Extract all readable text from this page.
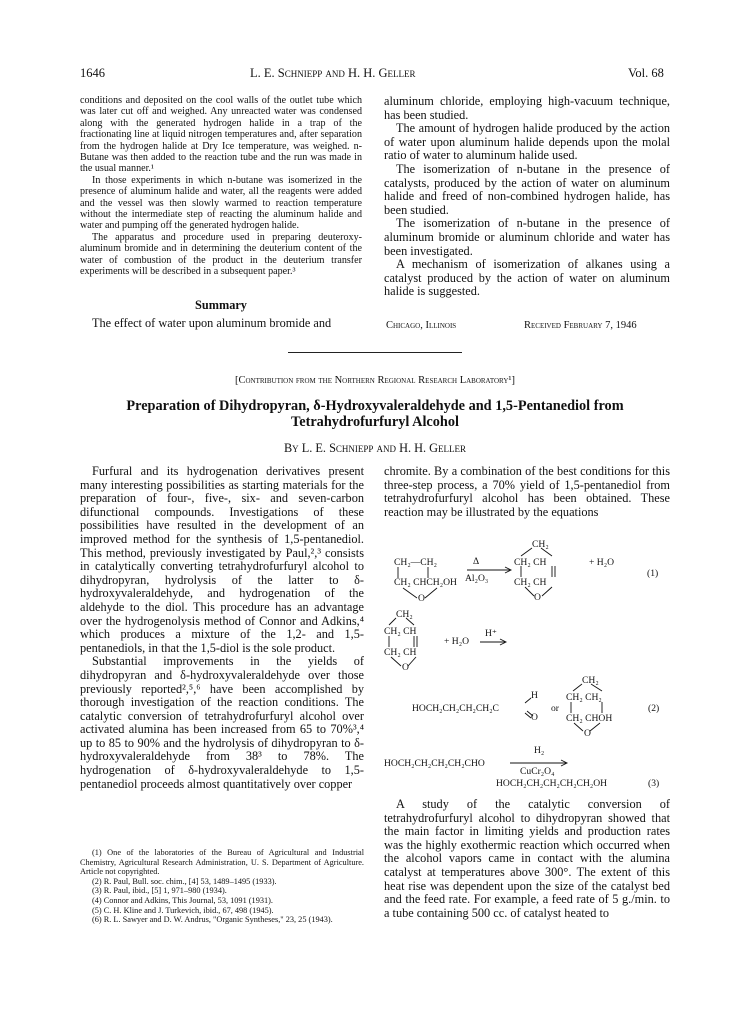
1646	L. E. Schniepp and H. H. Geller	Vol. 68

conditions and deposited on the cool walls of the outlet tube which was later cut off and weighed. Any unreacted water was condensed along with the generated hydrogen halide in a trap of the fractionating line at liquid nitrogen temperatures and, after separation from the hydrogen halide at Dry Ice temperature, was weighed. n-Butane was then added to the reaction tube and the run was made in the usual manner.¹

In those experiments in which n-butane was isomerized in the presence of aluminum halide and water, all the reagents were added and the vessel was then slowly warmed to reaction temperature without the intermediate step of reacting the aluminum halide and water and pumping off the generated hydrogen halide.

The apparatus and procedure used in preparing deuteroxy-aluminum bromide and in determining the deuterium content of the water of combustion of the product in the deuterium transfer experiments will be described in a subsequent paper.³

Summary
The effect of water upon aluminum bromide and

aluminum chloride, employing high-vacuum technique, has been studied.

The amount of hydrogen halide produced by the action of water upon aluminum halide depends upon the molal ratio of water to aluminum halide used.

The isomerization of n-butane in the presence of catalysts, produced by the action of water on aluminum halide and freed of non-combined hydrogen halide, has been studied.

The isomerization of n-butane in the presence of aluminum bromide or aluminum chloride and water has been investigated.

A mechanism of isomerization of alkanes using a catalyst produced by the action of water on aluminum halide is suggested.

Chicago, Illinois	Received February 7, 1946
[Contribution from the Northern Regional Research Laboratory¹]
Preparation of Dihydropyran, δ-Hydroxyvaleraldehyde and 1,5-Pentanediol from Tetrahydrofurfuryl Alcohol
By L. E. Schniepp and H. H. Geller

Furfural and its hydrogenation derivatives present many interesting possibilities as starting materials for the preparation of four-, five-, six- and seven-carbon difunctional compounds. Investigations of these possibilities have resulted in the development of an improved method for the synthesis of 1,5-pentanediol. This method, previously investigated by Paul,²,³ consists in catalytically converting tetrahydrofurfuryl alcohol to dihydropyran, hydrolysis of the latter to δ-hydroxyvaleraldehyde, and hydrogenation of the aldehyde to the diol. This procedure has an advantage over the hydrogenolysis method of Connor and Adkins,⁴ which produces a mixture of the 1,2- and 1,5-pentanediols, in that the 1,5-diol is the sole product.

Substantial improvements in the yields of dihydropyran and δ-hydroxyvaleraldehyde over those previously reported²,⁵,⁶ have been accomplished by thorough investigation of the reaction conditions. The catalytic conversion of tetrahydrofurfuryl alcohol over activated alumina has been increased from 65 to 70%³,⁴ up to 85 to 90% and the hydrolysis of dihydropyran to δ-hydroxyvaleraldehyde from 38³ to 78%. The hydrogenation of δ-hydroxyvaleraldehyde to 1,5-pentanediol proceeds almost quantitatively over copper

(1) One of the laboratories of the Bureau of Agricultural and Industrial Chemistry, Agricultural Research Administration, U. S. Department of Agriculture. Article not copyrighted.

(2) R. Paul, Bull. soc. chim., [4] 53, 1489–1495 (1933).

(3) R. Paul, ibid., [5] 1, 971–980 (1934).

(4) Connor and Adkins, This Journal, 53, 1091 (1931).

(5) C. H. Kline and J. Turkevich, ibid., 67, 498 (1945).

(6) R. L. Sawyer and D. W. Andrus, "Organic Syntheses," 23, 25 (1943).

chromite. By a combination of the best conditions for this three-step process, a 70% yield of 1,5-pentanediol from tetrahydrofurfuryl alcohol has been obtained. These reaction may be illustrated by the equations
CH₂—CH₂
CH₂ CHCH₂OH
O
Δ
Al₂O₃
CH₂
CH₂ CH
CH₂ CH
O
+ H₂O
(1)
CH₂
CH₂ CH
CH₂ CH
O
+ H₂O
H⁺
HOCH₂CH₂CH₂CH₂C
H
O
or
CH₂
CH₂ CH₂
CH₂ CHOH
O
(2)
HOCH₂CH₂CH₂CH₂CHO
H₂
CuCr₂O₄
HOCH₂CH₂CH₂CH₂CH₂OH	(3)
A study of the catalytic conversion of tetrahydrofurfuryl alcohol to dihydropyran showed that the main factor in limiting yields and production rates was the highly exothermic reaction which occurred when the alcohol vapors came in contact with the alumina catalyst at temperatures above 300°. The extent of this heat rise was dependent upon the size of the catalyst bed and the feed rate. For example, a feed rate of 5 g./min. to a tube containing 500 cc. of catalyst heated to
